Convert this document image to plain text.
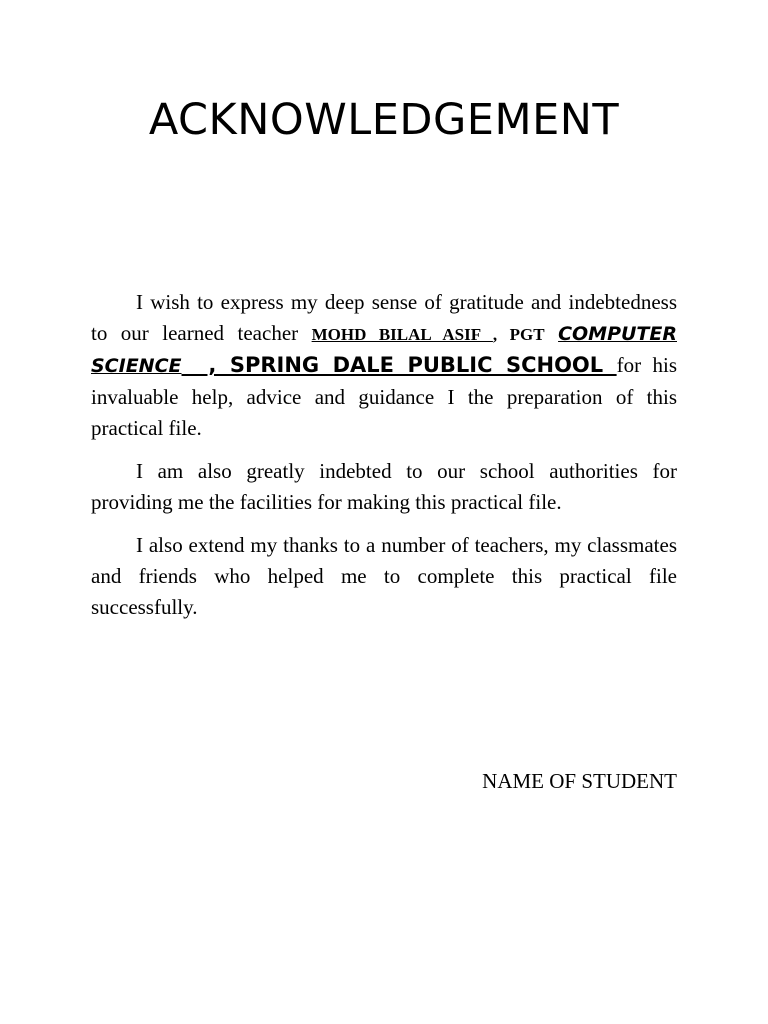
ACKNOWLEDGEMENT

I wish to express my deep sense of gratitude and indebtedness to our learned teacher MOHD BILAL ASIF , PGT COMPUTER SCIENCE  , SPRING DALE PUBLIC SCHOOL for his invaluable help, advice and guidance I the preparation of this practical file.

I am also greatly indebted to our school authorities for providing me the facilities for making this practical file.

I also extend my thanks to a number of teachers, my classmates and friends who helped me to complete this practical file successfully.

NAME OF STUDENT
